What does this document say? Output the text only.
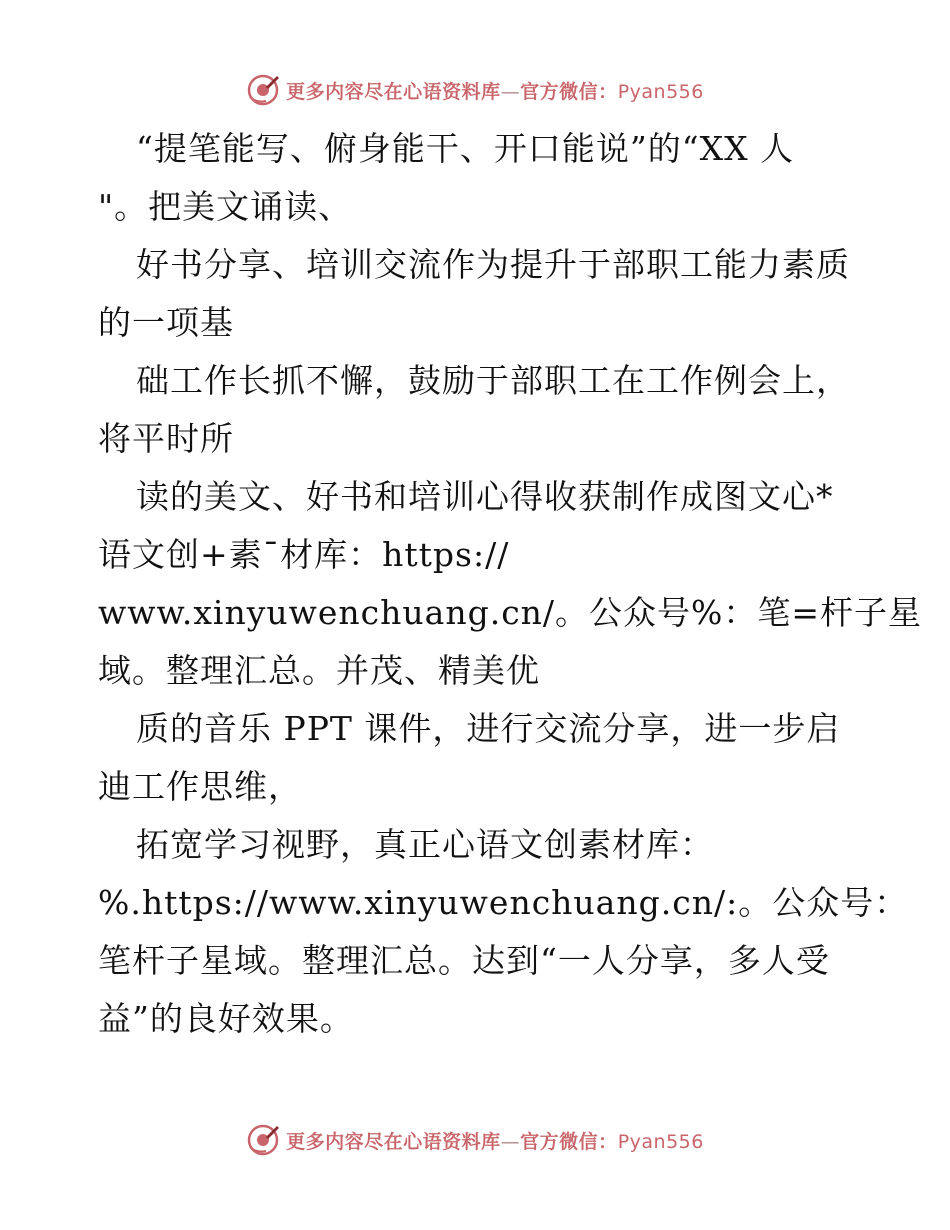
更多内容尽在心语资料库—官方微信：Pyan556
“提笔能写、俯身能干、开口能说”的“XX 人
"。把美文诵读、
好书分享、培训交流作为提升于部职工能力素质
的一项基
础工作长抓不懈，鼓励于部职工在工作例会上，
将平时所
读的美文、好书和培训心得收获制作成图文心*
语文创+素¯材库：https://
www.xinyuwenchuang.cn/。公众号%：笔=杆子星
域。整理汇总。并茂、精美优
质的音乐 PPT 课件，进行交流分享，进一步启
迪工作思维，
拓宽学习视野，真正心语文创素材库：
%.https://www.xinyuwenchuang.cn/:。公众号：
笔杆子星域。整理汇总。达到“一人分享，多人受
益”的良好效果。
更多内容尽在心语资料库—官方微信：Pyan556
